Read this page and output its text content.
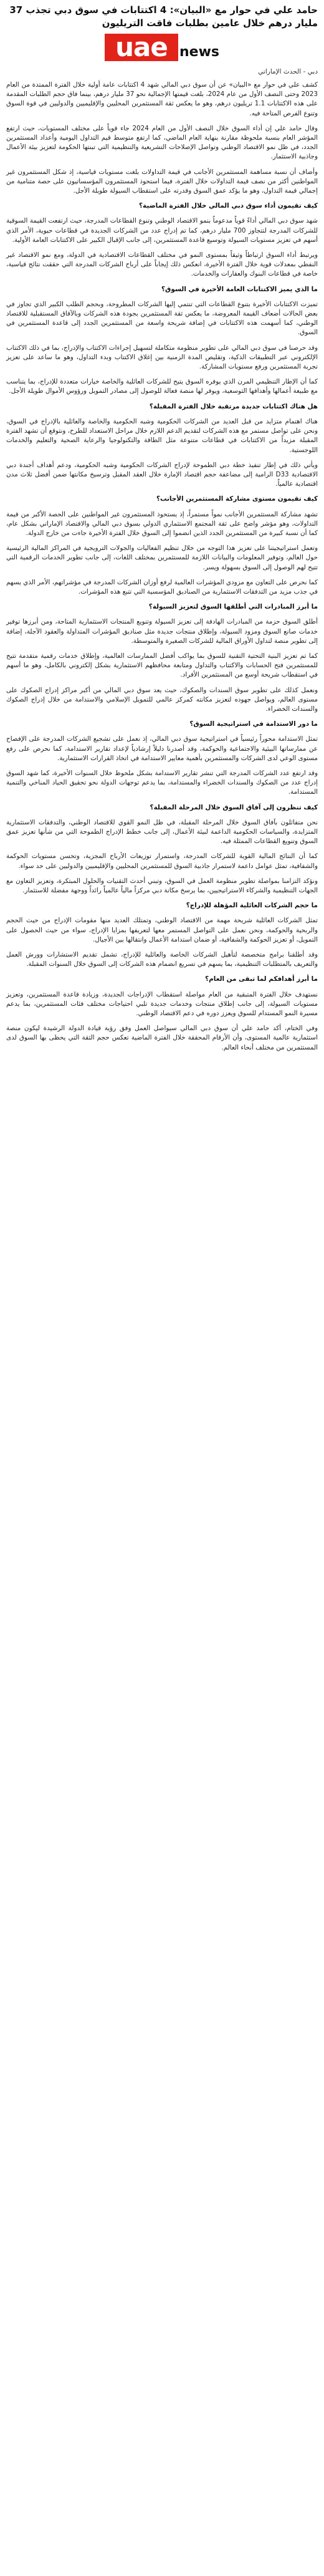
حامد علي في حوار مع «البيان»: 4 اكتتابات في سوق دبي تجذب 37 مليار درهم خلال عامين بطلبات فاقت التريليون
uae news
دبي - الحدث الإماراتي

كشف علي في حوار مع «البيان» عن أن سوق دبي المالي شهد 4 اكتتابات عامة أولية خلال الفترة الممتدة من العام 2023 وحتى النصف الأول من عام 2024، بلغت قيمتها الإجمالية نحو 37 مليار درهم، بينما فاق حجم الطلبات المقدمة على هذه الاكتتابات 1.1 تريليون درهم، وهو ما يعكس ثقة المستثمرين المحليين والإقليميين والدوليين في قوة السوق وتنوع الفرص المتاحة فيه.

وقال حامد علي إن أداء السوق خلال النصف الأول من العام 2024 جاء قوياً على مختلف المستويات، حيث ارتفع المؤشر العام بنسبة ملحوظة مقارنة بنهاية العام الماضي، كما ارتفع متوسط قيم التداول اليومية وأعداد المستثمرين الجدد، في ظل نمو الاقتصاد الوطني وتواصل الإصلاحات التشريعية والتنظيمية التي تبنتها الحكومة لتعزيز بيئة الأعمال وجاذبية الاستثمار.

وأضاف أن نسبة مساهمة المستثمرين الأجانب في قيمة التداولات بلغت مستويات قياسية، إذ شكل المستثمرون غير المواطنين أكثر من نصف قيمة التداولات خلال الفترة، فيما استحوذ المستثمرون المؤسساتيون على حصة متنامية من إجمالي قيمة التداول، وهو ما يؤكد عمق السوق وقدرته على استقطاب السيولة طويلة الأجل.

كيف تقيمون أداء سوق دبي المالي خلال الفترة الماضية؟

شهد سوق دبي المالي أداءً قوياً مدعوماً بنمو الاقتصاد الوطني وتنوع القطاعات المدرجة، حيث ارتفعت القيمة السوقية للشركات المدرجة لتتجاوز 700 مليار درهم، كما تم إدراج عدد من الشركات الجديدة في قطاعات حيوية، الأمر الذي أسهم في تعزيز مستويات السيولة وتوسيع قاعدة المستثمرين، إلى جانب الإقبال الكبير على الاكتتابات العامة الأولية.

ويرتبط أداء السوق ارتباطاً وثيقاً بمستوى النمو في مختلف القطاعات الاقتصادية في الدولة، ومع نمو الاقتصاد غير النفطي بمعدلات قوية خلال الفترة الأخيرة، انعكس ذلك إيجاباً على أرباح الشركات المدرجة التي حققت نتائج قياسية، خاصة في قطاعات البنوك والعقارات والخدمات.

ما الذي يميز الاكتتابات العامة الأخيرة في السوق؟

تميزت الاكتتابات الأخيرة بتنوع القطاعات التي تنتمي إليها الشركات المطروحة، وبحجم الطلب الكبير الذي تجاوز في بعض الحالات أضعاف القيمة المعروضة، ما يعكس ثقة المستثمرين بجودة هذه الشركات وبالآفاق المستقبلية للاقتصاد الوطني، كما أسهمت هذه الاكتتابات في إضافة شريحة واسعة من المستثمرين الجدد إلى قاعدة المستثمرين في السوق.

وقد حرصنا في سوق دبي المالي على تطوير منظومة متكاملة لتسهيل إجراءات الاكتتاب والإدراج، بما في ذلك الاكتتاب الإلكتروني عبر التطبيقات الذكية، وتقليص المدة الزمنية بين إغلاق الاكتتاب وبدء التداول، وهو ما ساعد على تعزيز تجربة المستثمرين ورفع مستويات المشاركة.

كما أن الإطار التنظيمي المرن الذي يوفره السوق يتيح للشركات العائلية والخاصة خيارات متعددة للإدراج، بما يتناسب مع طبيعة أعمالها وأهدافها التوسعية، ويوفر لها منصة فعالة للوصول إلى مصادر التمويل ورؤوس الأموال طويلة الأجل.

هل هناك اكتتابات جديدة مرتقبة خلال الفترة المقبلة؟

هناك اهتمام متزايد من قبل العديد من الشركات الحكومية وشبه الحكومية والخاصة والعائلية بالإدراج في السوق، ونحن على تواصل مستمر مع هذه الشركات لتقديم الدعم اللازم خلال مراحل الاستعداد للطرح، ونتوقع أن تشهد الفترة المقبلة مزيداً من الاكتتابات في قطاعات متنوعة مثل الطاقة والتكنولوجيا والرعاية الصحية والتعليم والخدمات اللوجستية.

ويأتي ذلك في إطار تنفيذ خطة دبي الطموحة لإدراج الشركات الحكومية وشبه الحكومية، ودعم أهداف أجندة دبي الاقتصادية D33 الرامية إلى مضاعفة حجم اقتصاد الإمارة خلال العقد المقبل وترسيخ مكانتها ضمن أفضل ثلاث مدن اقتصادية عالمياً.

كيف تقيمون مستوى مشاركة المستثمرين الأجانب؟

تشهد مشاركة المستثمرين الأجانب نمواً مستمراً، إذ يستحوذ المستثمرون غير المواطنين على الحصة الأكبر من قيمة التداولات، وهو مؤشر واضح على ثقة المجتمع الاستثماري الدولي بسوق دبي المالي والاقتصاد الإماراتي بشكل عام، كما أن نسبة كبيرة من المستثمرين الجدد الذين انضموا إلى السوق خلال الفترة الأخيرة جاءت من خارج الدولة.

وتعمل استراتيجيتنا على تعزيز هذا التوجه من خلال تنظيم الفعاليات والجولات الترويجية في المراكز المالية الرئيسية حول العالم، وتوفير المعلومات والبيانات اللازمة للمستثمرين بمختلف اللغات، إلى جانب تطوير الخدمات الرقمية التي تتيح لهم الوصول إلى السوق بسهولة ويسر.

كما نحرص على التعاون مع مزودي المؤشرات العالمية لرفع أوزان الشركات المدرجة في مؤشراتهم، الأمر الذي يسهم في جذب مزيد من التدفقات الاستثمارية من الصناديق المؤسسية التي تتبع هذه المؤشرات.

ما أبرز المبادرات التي أطلقها السوق لتعزيز السيولة؟

أطلق السوق حزمة من المبادرات الهادفة إلى تعزيز السيولة وتنويع المنتجات الاستثمارية المتاحة، ومن أبرزها توفير خدمات صانع السوق ومزود السيولة، وإطلاق منتجات جديدة مثل صناديق المؤشرات المتداولة والعقود الآجلة، إضافة إلى تطوير منصة لتداول الأوراق المالية للشركات الصغيرة والمتوسطة.

كما تم تعزيز البنية التحتية التقنية للسوق بما يواكب أفضل الممارسات العالمية، وإطلاق خدمات رقمية متقدمة تتيح للمستثمرين فتح الحسابات والاكتتاب والتداول ومتابعة محافظهم الاستثمارية بشكل إلكتروني بالكامل، وهو ما أسهم في استقطاب شريحة أوسع من المستثمرين الأفراد.

ونعمل كذلك على تطوير سوق السندات والصكوك، حيث يعد سوق دبي المالي من أكبر مراكز إدراج الصكوك على مستوى العالم، ويواصل جهوده لتعزيز مكانته كمركز عالمي للتمويل الإسلامي والاستدامة من خلال إدراج الصكوك والسندات الخضراء.

ما دور الاستدامة في استراتيجية السوق؟

تمثل الاستدامة محوراً رئيسياً في استراتيجية سوق دبي المالي، إذ نعمل على تشجيع الشركات المدرجة على الإفصاح عن ممارساتها البيئية والاجتماعية والحوكمة، وقد أصدرنا دليلاً إرشادياً لإعداد تقارير الاستدامة، كما نحرص على رفع مستوى الوعي لدى الشركات والمستثمرين بأهمية معايير الاستدامة في اتخاذ القرارات الاستثمارية.

وقد ارتفع عدد الشركات المدرجة التي تنشر تقارير الاستدامة بشكل ملحوظ خلال السنوات الأخيرة، كما شهد السوق إدراج عدد من الصكوك والسندات الخضراء والمستدامة، بما يدعم توجهات الدولة نحو تحقيق الحياد المناخي والتنمية المستدامة.

كيف تنظرون إلى آفاق السوق خلال المرحلة المقبلة؟

نحن متفائلون بآفاق السوق خلال المرحلة المقبلة، في ظل النمو القوي للاقتصاد الوطني، والتدفقات الاستثمارية المتزايدة، والسياسات الحكومية الداعمة لبيئة الأعمال، إلى جانب خطط الإدراج الطموحة التي من شأنها تعزيز عمق السوق وتنويع القطاعات الممثلة فيه.

كما أن النتائج المالية القوية للشركات المدرجة، واستمرار توزيعات الأرباح المجزية، وتحسن مستويات الحوكمة والشفافية، تمثل عوامل داعمة لاستمرار جاذبية السوق للمستثمرين المحليين والإقليميين والدوليين على حد سواء.

ونؤكد التزامنا بمواصلة تطوير منظومة العمل في السوق، وتبني أحدث التقنيات والحلول المبتكرة، وتعزيز التعاون مع الجهات التنظيمية والشركاء الاستراتيجيين، بما يرسخ مكانة دبي مركزاً مالياً عالمياً رائداً ووجهة مفضلة للاستثمار.

ما حجم الشركات العائلية المؤهلة للإدراج؟

تمثل الشركات العائلية شريحة مهمة من الاقتصاد الوطني، وتمتلك العديد منها مقومات الإدراج من حيث الحجم والربحية والحوكمة، ونحن نعمل على التواصل المستمر معها لتعريفها بمزايا الإدراج، سواء من حيث الحصول على التمويل، أو تعزيز الحوكمة والشفافية، أو ضمان استدامة الأعمال وانتقالها بين الأجيال.

وقد أطلقنا برامج متخصصة لتأهيل الشركات الخاصة والعائلية للإدراج، تشمل تقديم الاستشارات وورش العمل والتعريف بالمتطلبات التنظيمية، بما يسهم في تسريع انضمام هذه الشركات إلى السوق خلال السنوات المقبلة.

ما أبرز أهدافكم لما تبقى من العام؟

نستهدف خلال الفترة المتبقية من العام مواصلة استقطاب الإدراجات الجديدة، وزيادة قاعدة المستثمرين، وتعزيز مستويات السيولة، إلى جانب إطلاق منتجات وخدمات جديدة تلبي احتياجات مختلف فئات المستثمرين، بما يدعم مسيرة النمو المستدام للسوق ويعزز دوره في دعم الاقتصاد الوطني.

وفي الختام، أكد حامد علي أن سوق دبي المالي سيواصل العمل وفق رؤية قيادة الدولة الرشيدة ليكون منصة استثمارية عالمية المستوى، وأن الأرقام المحققة خلال الفترة الماضية تعكس حجم الثقة التي يحظى بها السوق لدى المستثمرين من مختلف أنحاء العالم.
